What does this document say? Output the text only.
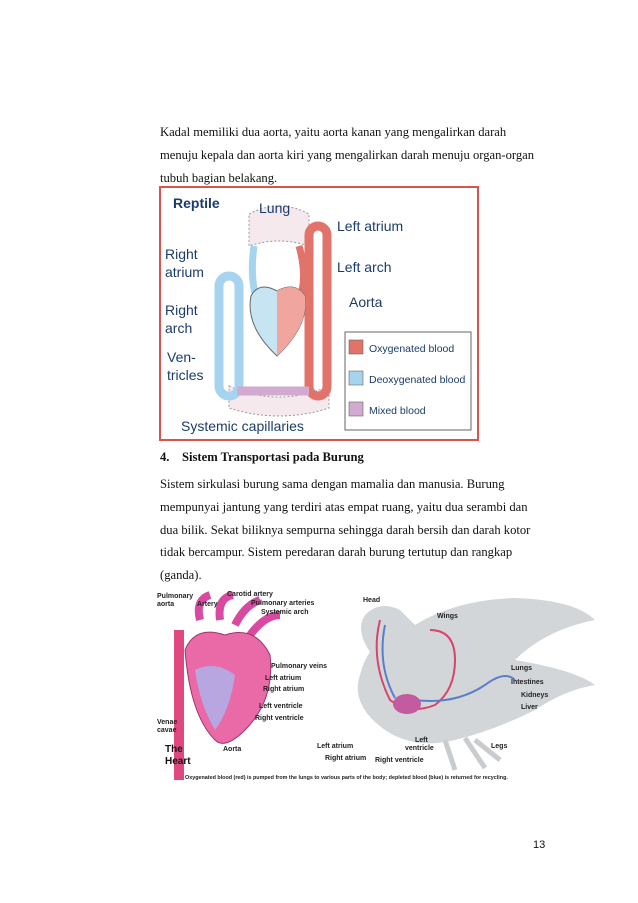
Kadal memiliki dua aorta, yaitu aorta kanan yang mengalirkan darah
menuju kepala dan aorta kiri yang mengalirkan darah menuju organ-organ
tubuh bagian belakang.

Reptile	Lung
Left atrium
Left arch
Aorta
Right
atrium
Right
arch
Ven-
tricles
Systemic capillaries
Oxygenated blood
Deoxygenated blood
Mixed blood

4. Sistem Transportasi pada Burung

Sistem sirkulasi burung sama dengan mamalia dan manusia. Burung
mempunyai jantung yang terdiri atas empat ruang, yaitu dua serambi dan
dua bilik. Sekat biliknya sempurna sehingga darah bersih dan darah kotor
tidak bercampur. Sistem peredaran darah burung tertutup dan rangkap
(ganda).

Pulmonary
aorta	Artery
Carotid artery
Pulmonary arteries
Systemic arch
Head
Wings
Pulmonary veins
Left atrium
Right atrium
Left ventricle
Right ventricle
Venae
cavae
The
Heart
Aorta
Lungs
Intestines
Kidneys
Liver
Legs
Left atrium
Left
ventricle
Right atrium Right ventricle
Oxygenated blood (red) is pumped from the lungs to various parts of the body; depleted blood (blue) is returned for recycling.
13
